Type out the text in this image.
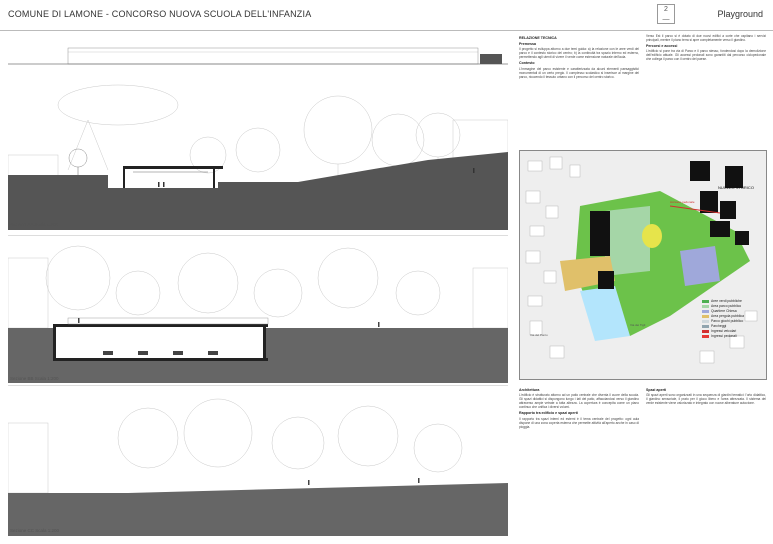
COMUNE DI LAMONE - CONCORSO NUOVA SCUOLA DELL'INFANZIA	2
—
Playground
Sezione AA Scala 1:200
Sezione BB Scala 1:200
Sezione CC Scala 1:200
RELAZIONE TECNICA
Premessa

Il progetto si sviluppa attorno a due temi guida: a) la relazione con le aree verdi del parco e il contesto storico del centro; b) la continuità tra spazio interno ed esterno, permettendo agli utenti di vivere il verde come estensione naturale dell'aula.

Contesto

L'immagine del parco esistente e caratterizzata da alcuni elementi paesaggistici monumentali di un certo pregio. Il complesso scolastico si inserisce al margine del parco, ricucendo il tessuto urbano con il percorso del centro storico.

Verso Est il parco si è dotato di due nuovi edifici a corte che ospitano i servizi principali, mentre il piano terra si apre completamente verso il giardino.

Percorsi e accessi

L'edificio si pone tra via di Parco e il parco stesso, fondendosi dopo la demolizione dell'edificio attuale. Gli accessi pedonali sono garantiti dal percorso ciclopedonale che collega il parco con il centro del paese.

NUCLEO STORICO
Accesso pedonale
Via del Parco
Via dei Tigli
Aree verdi pubbliche
Area parco pubblico
Quartiere Chiesa
Area pergola pubblica
Parco giochi pubblico
Parcheggi
Ingressi veicolari
Ingressi pedonali
Architettura

L'edificio è strutturato attorno ad un patio centrale che diventa il cuore della scuola. Gli spazi didattici si dispongono lungo i lati del patio, affacciandosi verso il giardino attraverso ampie vetrate a tutta altezza. La copertura è concepita come un piano continuo che unifica i diversi volumi.

Rapporto tra edificio e spazi aperti

Il rapporto tra spazi interni ed esterni è il tema centrale del progetto: ogni aula dispone di una zona coperta esterna che permette attività all'aperto anche in caso di pioggia.

Spazi aperti

Gli spazi aperti sono organizzati in una sequenza di giardini tematici: l'orto didattico, il giardino sensoriale, il prato per il gioco libero e l'area attrezzata. Il sistema del verde esistente viene valorizzato e integrato con nuove alberature autoctone.
